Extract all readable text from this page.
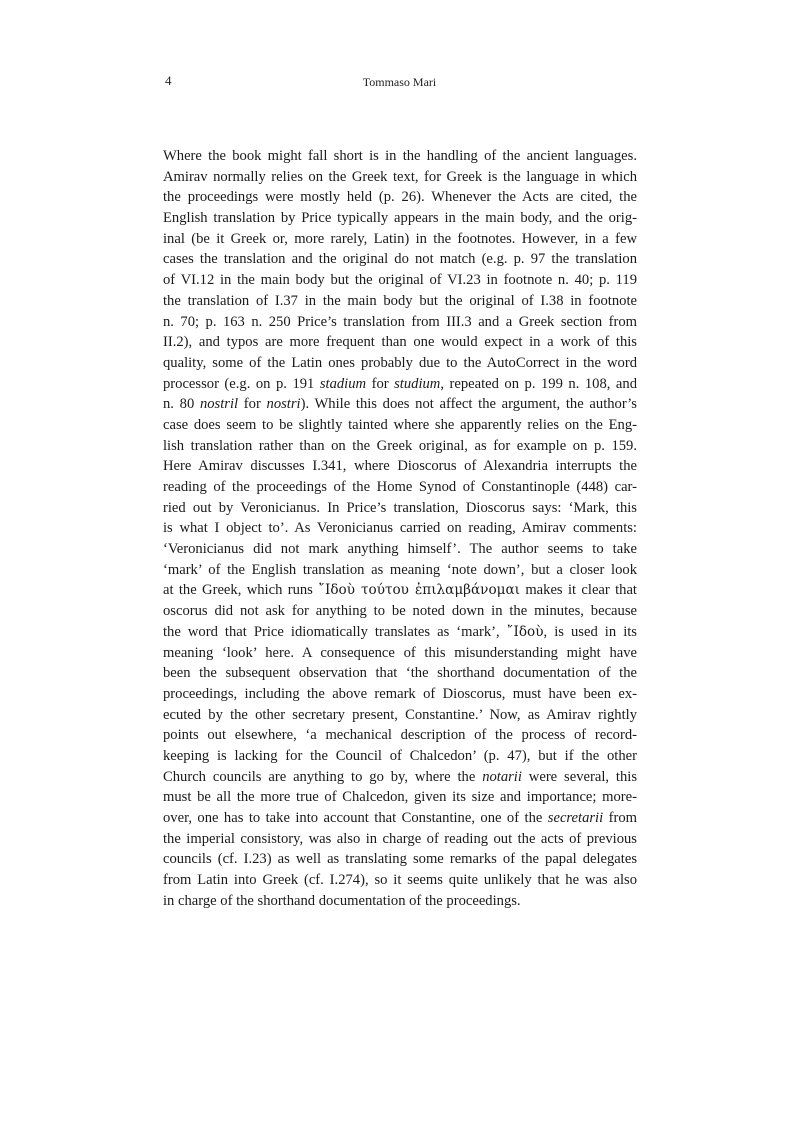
4	Tommaso Mari
Where the book might fall short is in the handling of the ancient languages.
Amirav normally relies on the Greek text, for Greek is the language in which
the proceedings were mostly held (p. 26). Whenever the Acts are cited, the
English translation by Price typically appears in the main body, and the orig-
inal (be it Greek or, more rarely, Latin) in the footnotes. However, in a few
cases the translation and the original do not match (e.g. p. 97 the translation
of VI.12 in the main body but the original of VI.23 in footnote n. 40; p. 119
the translation of I.37 in the main body but the original of I.38 in footnote
n. 70; p. 163 n. 250 Price’s translation from III.3 and a Greek section from
II.2), and typos are more frequent than one would expect in a work of this
quality, some of the Latin ones probably due to the AutoCorrect in the word
processor (e.g. on p. 191 stadium for studium, repeated on p. 199 n. 108, and
n. 80 nostril for nostri). While this does not affect the argument, the author’s
case does seem to be slightly tainted where she apparently relies on the Eng-
lish translation rather than on the Greek original, as for example on p. 159.
Here Amirav discusses I.341, where Dioscorus of Alexandria interrupts the
reading of the proceedings of the Home Synod of Constantinople (448) car-
ried out by Veronicianus. In Price’s translation, Dioscorus says: ‘Mark, this
is what I object to’. As Veronicianus carried on reading, Amirav comments:
‘Veronicianus did not mark anything himself’. The author seems to take
‘mark’ of the English translation as meaning ‘note down’, but a closer look
at the Greek, which runs ῎Ιδοὺ τούτου ἐπιλαμβάνομαι makes it clear that
oscorus did not ask for anything to be noted down in the minutes, because
the word that Price idiomatically translates as ‘mark’, ῎Ιδοὺ, is used in its
meaning ‘look’ here. A consequence of this misunderstanding might have
been the subsequent observation that ‘the shorthand documentation of the
proceedings, including the above remark of Dioscorus, must have been ex-
ecuted by the other secretary present, Constantine.’ Now, as Amirav rightly
points out elsewhere, ‘a mechanical description of the process of record-
keeping is lacking for the Council of Chalcedon’ (p. 47), but if the other
Church councils are anything to go by, where the notarii were several, this
must be all the more true of Chalcedon, given its size and importance; more-
over, one has to take into account that Constantine, one of the secretarii from
the imperial consistory, was also in charge of reading out the acts of previous
councils (cf. I.23) as well as translating some remarks of the papal delegates
from Latin into Greek (cf. I.274), so it seems quite unlikely that he was also
in charge of the shorthand documentation of the proceedings.
